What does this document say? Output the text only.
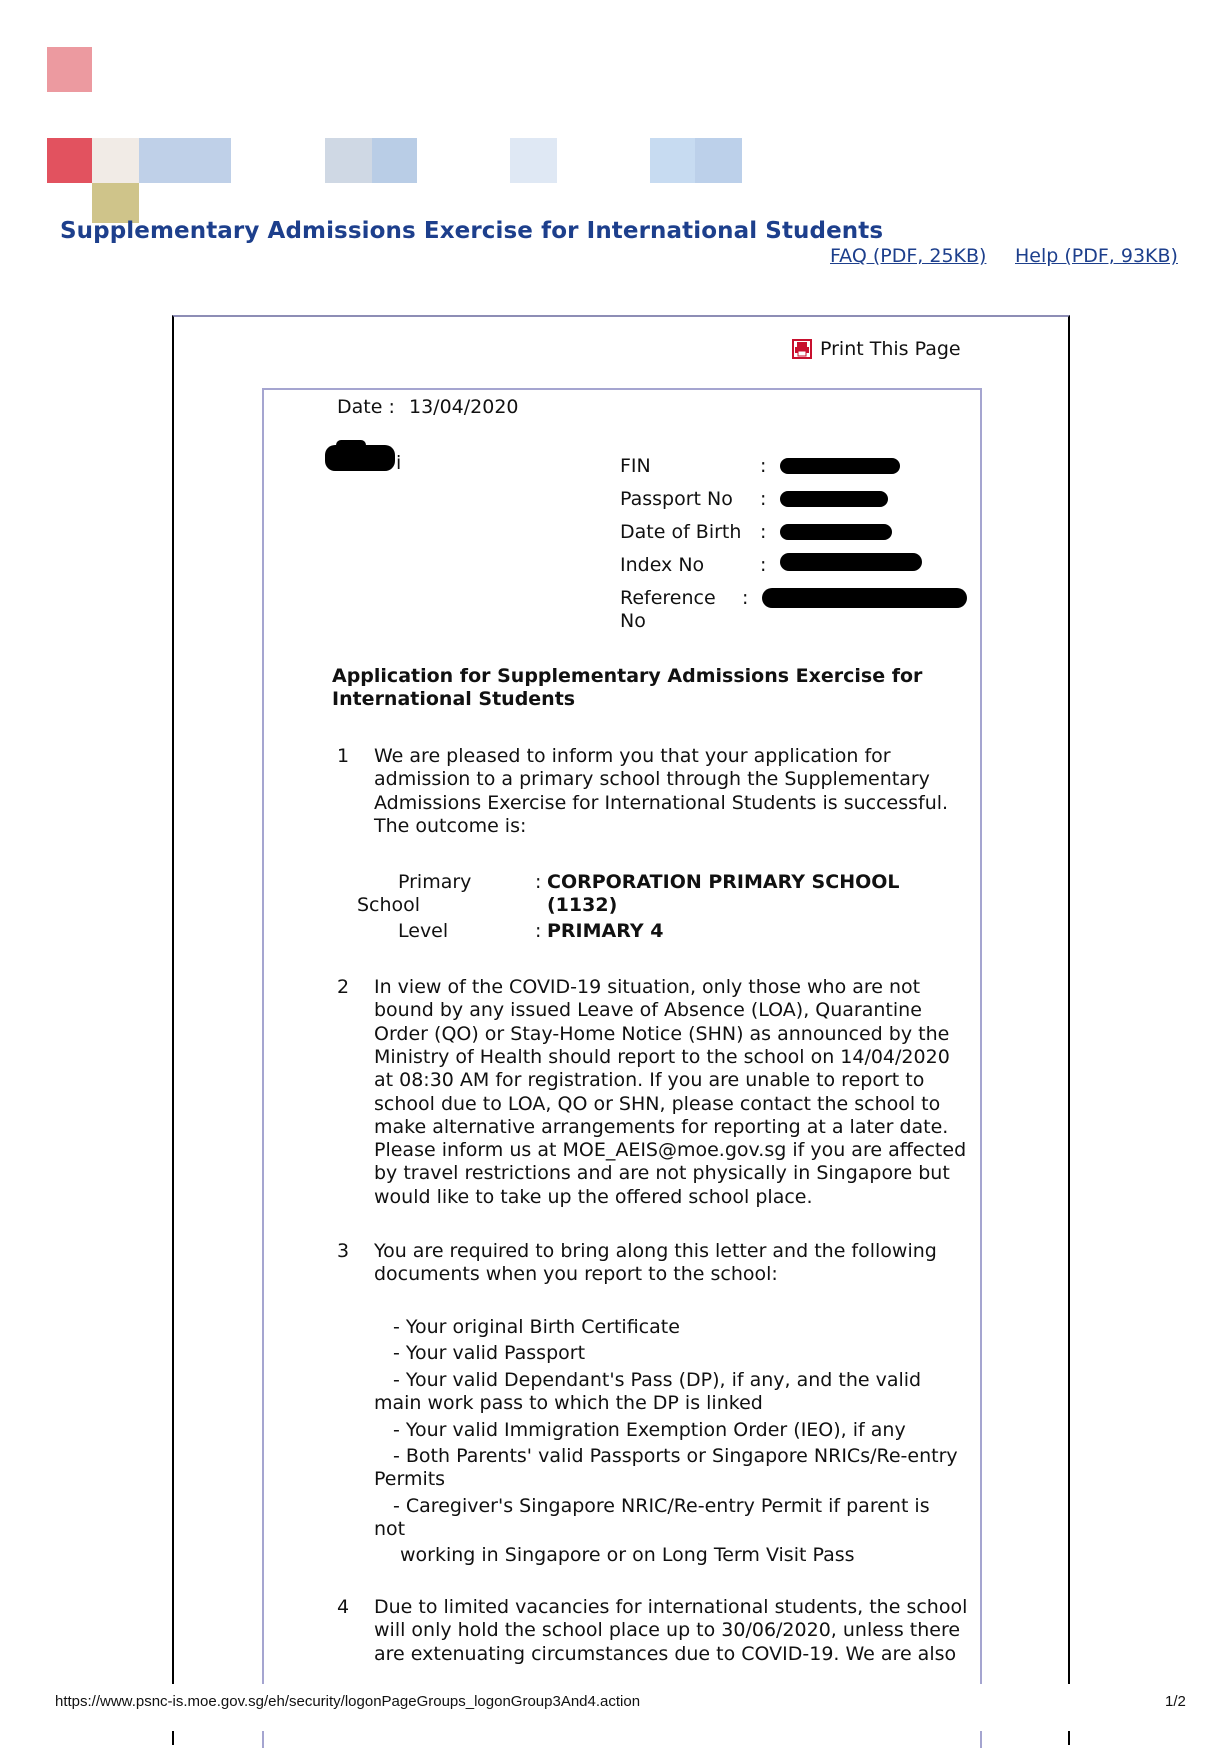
Supplementary Admissions Exercise for International Students
FAQ (PDF, 25KB) Help (PDF, 93KB)
Print This Page
Date : 13/04/2020
i	FIN	:
Passport No :
Date of Birth :
Index No	:
Reference
No
:
Application for Supplementary Admissions Exercise for
International Students
1 We are pleased to inform you that your application for
admission to a primary school through the Supplementary
Admissions Exercise for International Students is successful.
The outcome is:
Primary
School
: CORPORATION PRIMARY SCHOOL
(1132)
Level	: PRIMARY 4
2 In view of the COVID-19 situation, only those who are not
bound by any issued Leave of Absence (LOA), Quarantine
Order (QO) or Stay-Home Notice (SHN) as announced by the
Ministry of Health should report to the school on 14/04/2020
at 08:30 AM for registration. If you are unable to report to
school due to LOA, QO or SHN, please contact the school to
make alternative arrangements for reporting at a later date.
Please inform us at MOE_AEIS@moe.gov.sg if you are affected
by travel restrictions and are not physically in Singapore but
would like to take up the offered school place.
3 You are required to bring along this letter and the following
documents when you report to the school:
- Your original Birth Certificate
- Your valid Passport
- Your valid Dependant's Pass (DP), if any, and the valid
main work pass to which the DP is linked
- Your valid Immigration Exemption Order (IEO), if any
- Both Parents' valid Passports or Singapore NRICs/Re-entry
Permits
- Caregiver's Singapore NRIC/Re-entry Permit if parent is
not
working in Singapore or on Long Term Visit Pass
4 Due to limited vacancies for international students, the school
will only hold the school place up to 30/06/2020, unless there
are extenuating circumstances due to COVID-19. We are also
https://www.psnc-is.moe.gov.sg/eh/security/logonPageGroups_logonGroup3And4.action	1/2
